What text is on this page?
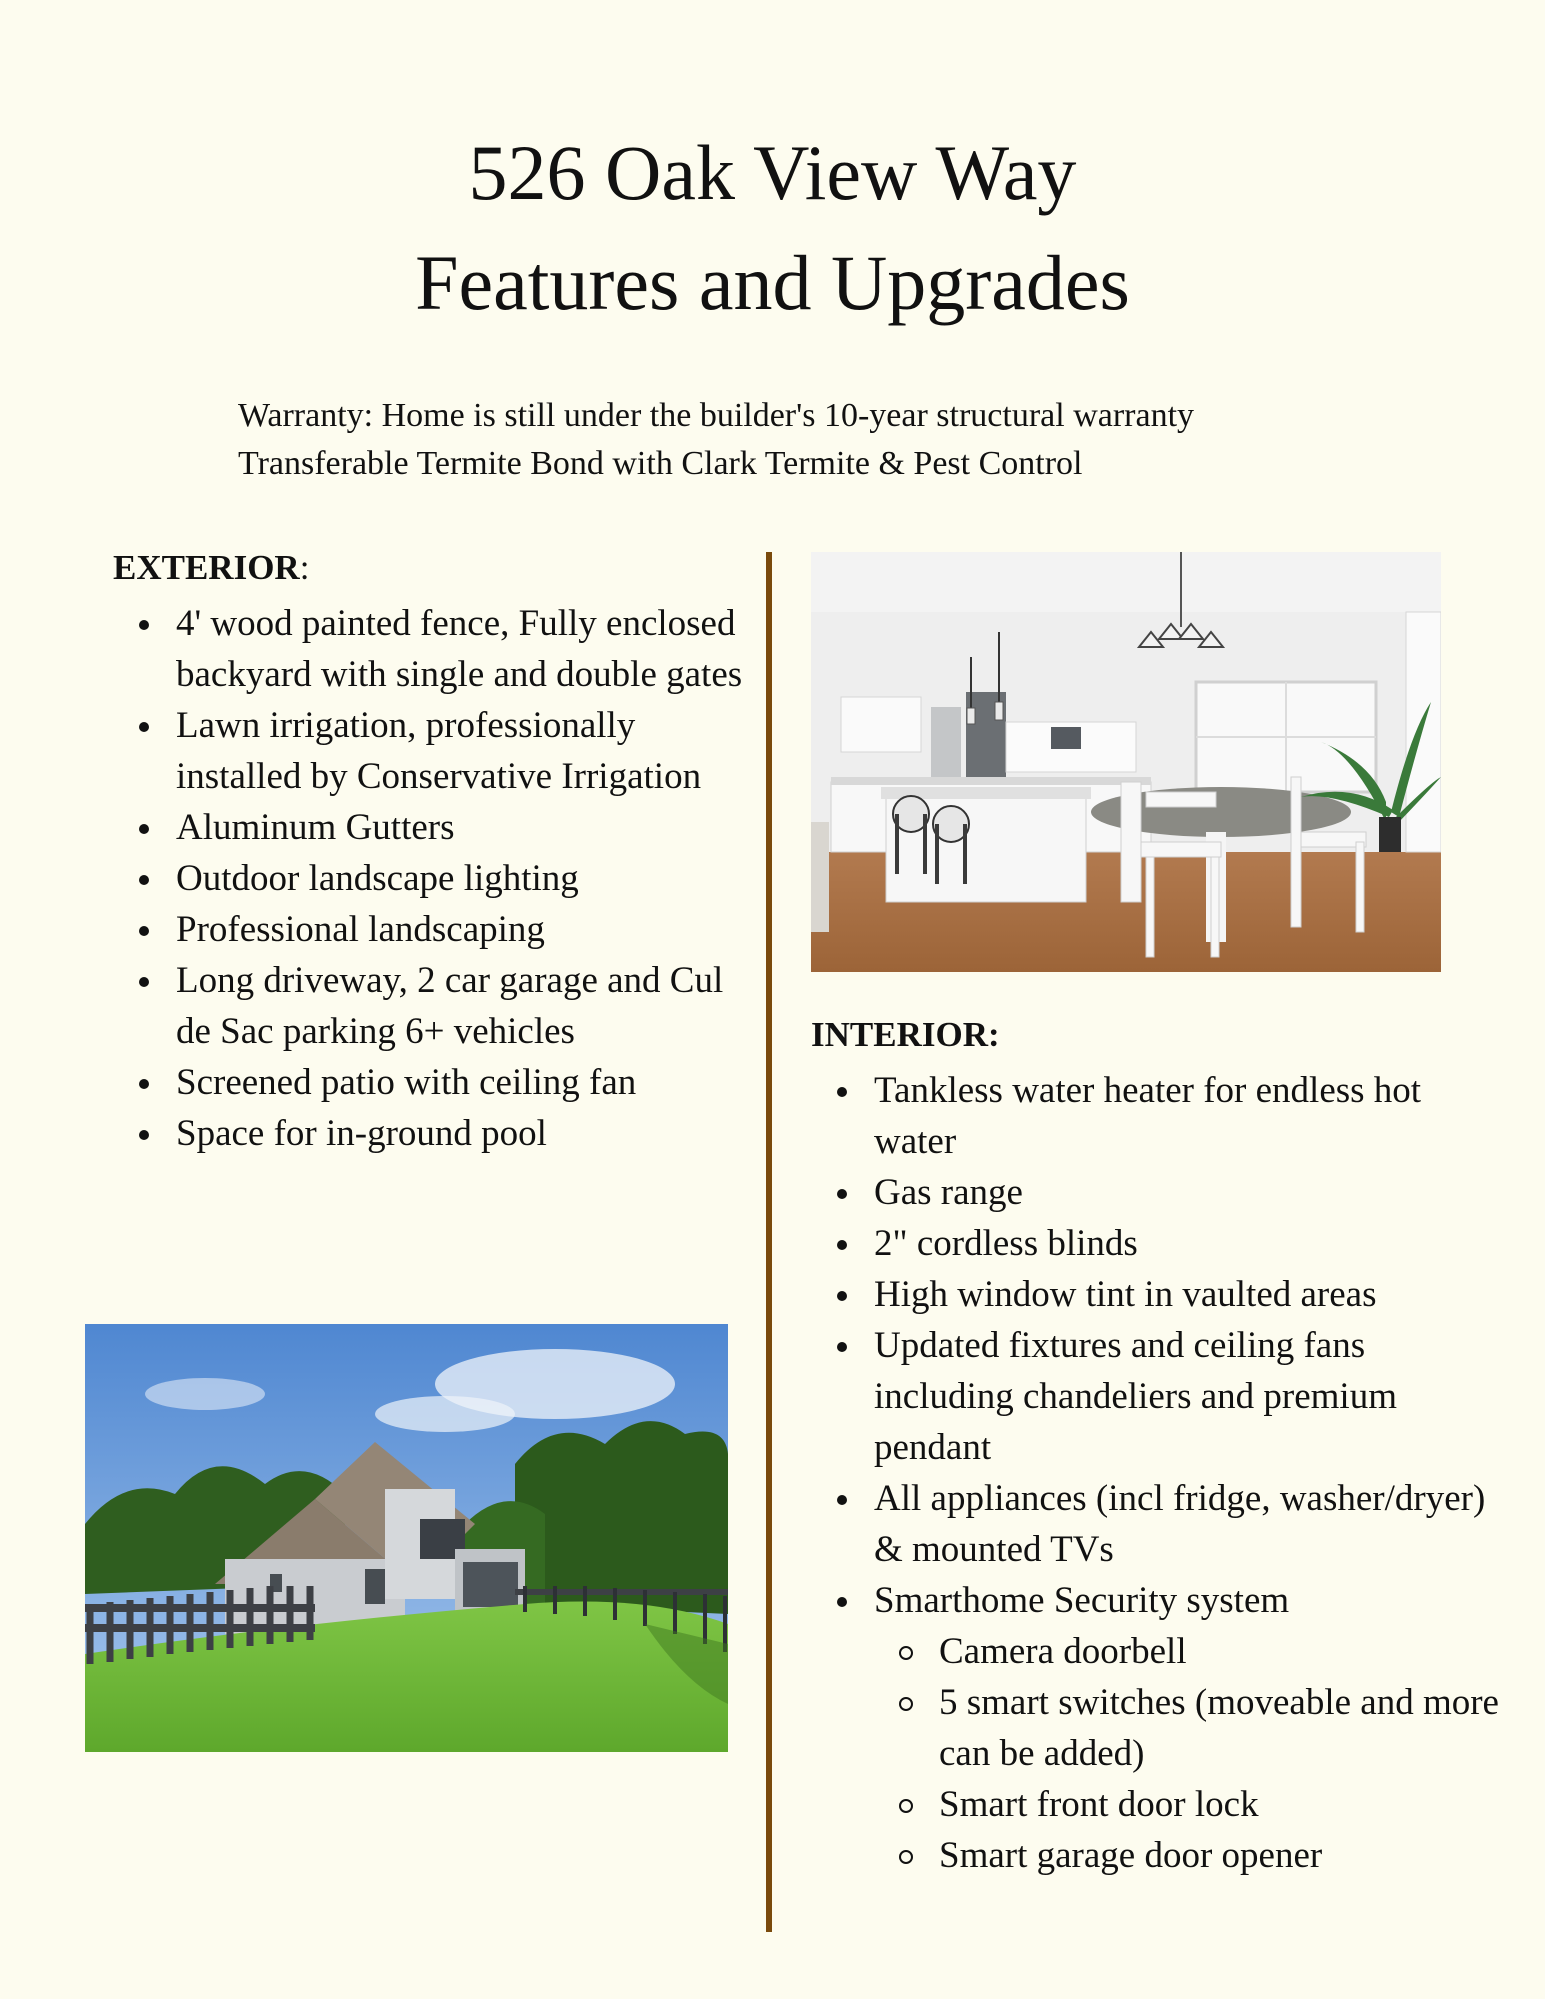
526 Oak View Way
Features and Upgrades
Warranty: Home is still under the builder's 10-year structural warranty
Transferable Termite Bond with Clark Termite & Pest Control
EXTERIOR:
4' wood painted fence, Fully enclosed backyard with single and double gates
Lawn irrigation, professionally installed by Conservative Irrigation
Aluminum Gutters
Outdoor landscape lighting
Professional landscaping
Long driveway, 2 car garage and Cul de Sac parking 6+ vehicles
Screened patio with ceiling fan
Space for in-ground pool
INTERIOR:
Tankless water heater for endless hot water
Gas range
2" cordless blinds
High window tint in vaulted areas
Updated fixtures and ceiling fans including chandeliers and premium pendant
All appliances (incl fridge, washer/dryer) & mounted TVs
Smarthome Security system
Camera doorbell
5 smart switches (moveable and more can be added)
Smart front door lock
Smart garage door opener
